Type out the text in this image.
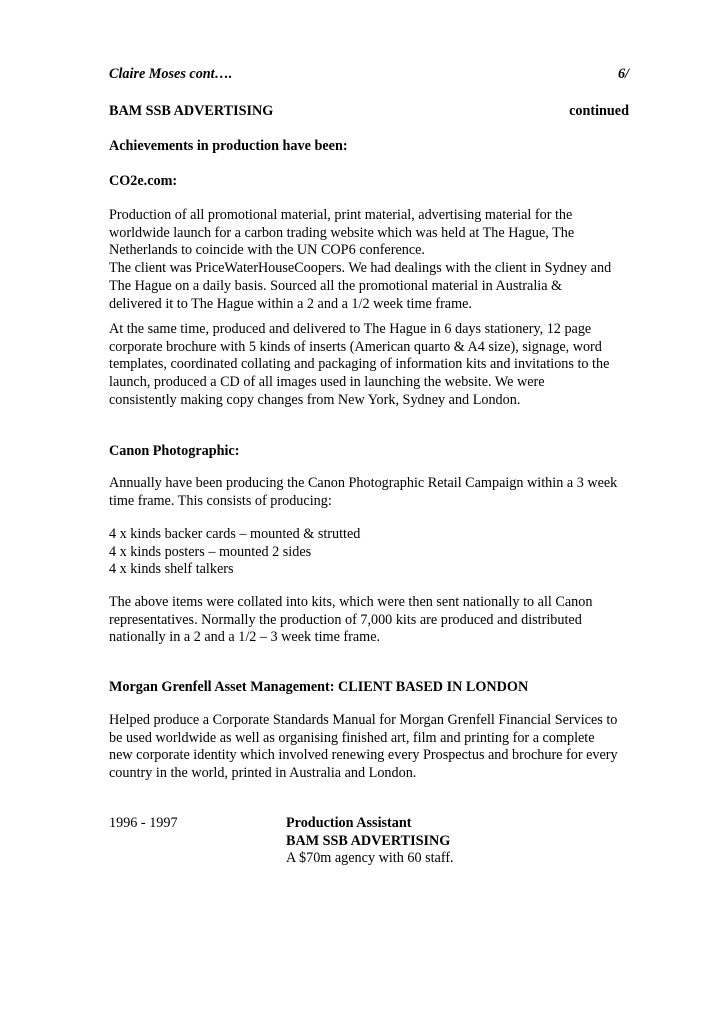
Claire Moses cont….	6/
BAM SSB ADVERTISING	continued

Achievements in production have been:

CO2e.com:

Production of all promotional material, print material, advertising material for the
worldwide launch for a carbon trading website which was held at The Hague, The
Netherlands to coincide with the UN COP6 conference.
The client was PriceWaterHouseCoopers. We had dealings with the client in Sydney and
The Hague on a daily basis. Sourced all the promotional material in Australia &
delivered it to The Hague within a 2 and a 1/2 week time frame.
At the same time, produced and delivered to The Hague in 6 days stationery, 12 page
corporate brochure with 5 kinds of inserts (American quarto & A4 size), signage, word
templates, coordinated collating and packaging of information kits and invitations to the
launch, produced a CD of all images used in launching the website. We were
consistently making copy changes from New York, Sydney and London.

Canon Photographic:

Annually have been producing the Canon Photographic Retail Campaign within a 3 week
time frame. This consists of producing:
4 x kinds backer cards – mounted & strutted
4 x kinds posters – mounted 2 sides
4 x kinds shelf talkers
The above items were collated into kits, which were then sent nationally to all Canon
representatives. Normally the production of 7,000 kits are produced and distributed
nationally in a 2 and a 1/2 – 3 week time frame.

Morgan Grenfell Asset Management: CLIENT BASED IN LONDON

Helped produce a Corporate Standards Manual for Morgan Grenfell Financial Services to
be used worldwide as well as organising finished art, film and printing for a complete
new corporate identity which involved renewing every Prospectus and brochure for every
country in the world, printed in Australia and London.

1996 - 1997	Production Assistant
BAM SSB ADVERTISING
A $70m agency with 60 staff.
